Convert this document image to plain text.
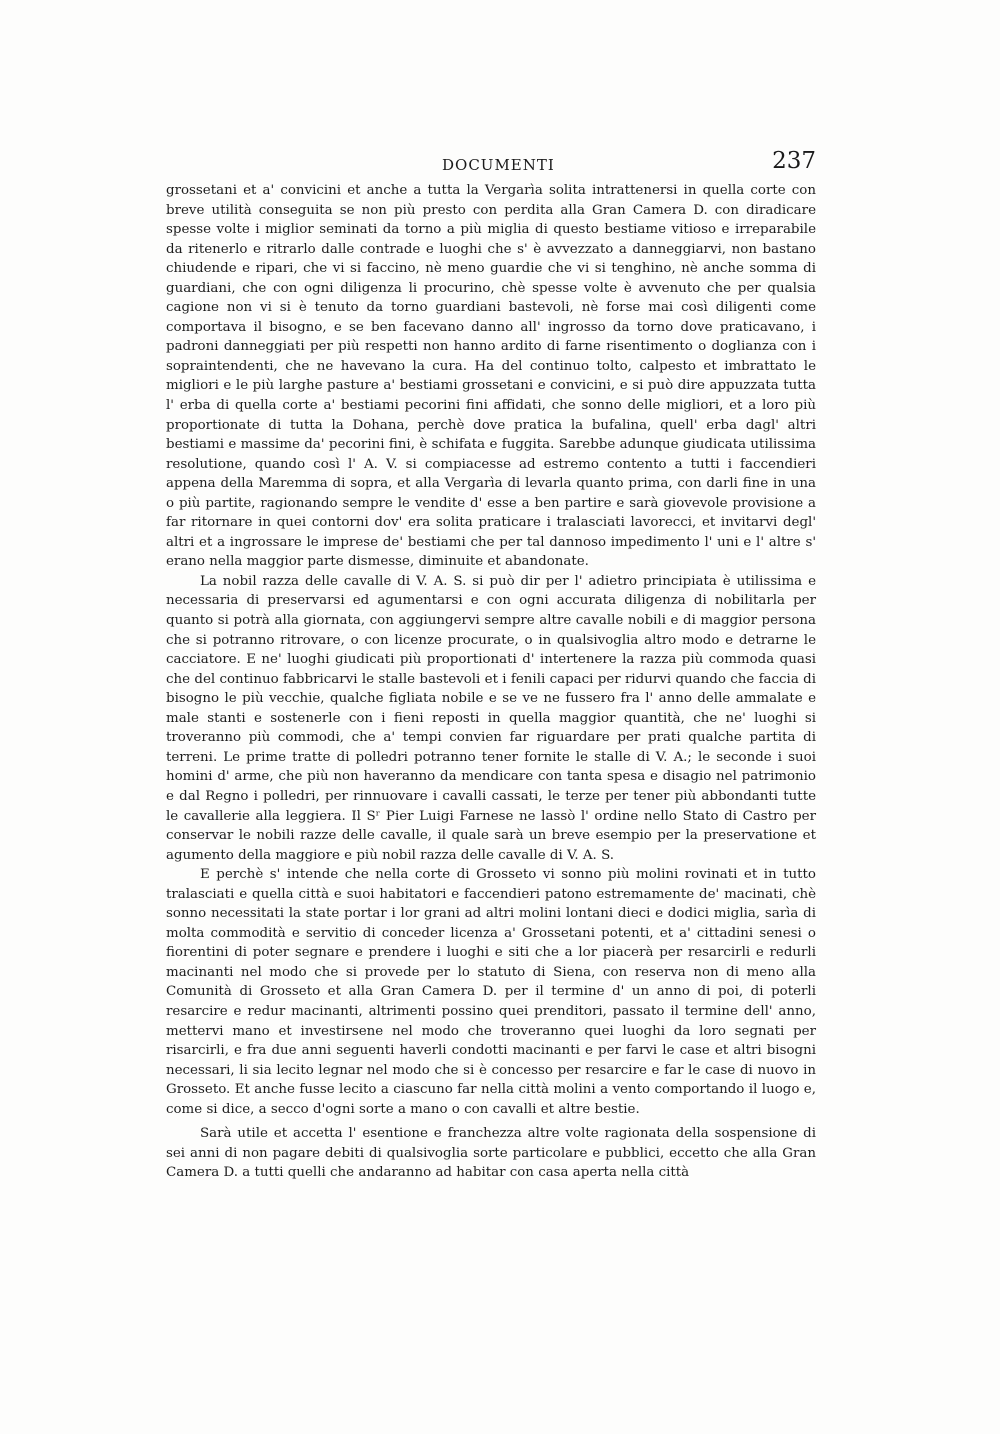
DOCUMENTI	237

grossetani et a' convicini et anche a tutta la Vergarìa solita intrattenersi in quella corte con breve utilità conseguita se non più presto con perdita alla Gran Camera D. con diradicare spesse volte i miglior seminati da torno a più miglia di questo bestiame vitioso e irreparabile da ritenerlo e ritrarlo dalle contrade e luoghi che s' è avvezzato a danneggiarvi, non bastano chiudende e ripari, che vi si faccino, nè meno guardie che vi si tenghino, nè anche somma di guardiani, che con ogni diligenza li procurino, chè spesse volte è avvenuto che per qualsia cagione non vi si è tenuto da torno guardiani bastevoli, nè forse mai così diligenti come comportava il bisogno, e se ben facevano danno all' ingrosso da torno dove praticavano, i padroni danneggiati per più respetti non hanno ardito di farne risentimento o doglianza con i sopraintendenti, che ne havevano la cura. Ha del continuo tolto, calpesto et imbrattato le migliori e le più larghe pasture a' bestiami grossetani e convicini, e si può dire appuzzata tutta l' erba di quella corte a' bestiami pecorini fini affidati, che sonno delle migliori, et a loro più proportionate di tutta la Dohana, perchè dove pratica la bufalina, quell' erba dagl' altri bestiami e massime da' pecorini fini, è schifata e fuggita. Sarebbe adunque giudicata utilissima resolutione, quando così l' A. V. si compiacesse ad estremo contento a tutti i faccendieri appena della Maremma di sopra, et alla Vergarìa di levarla quanto prima, con darli fine in una o più partite, ragionando sempre le vendite d' esse a ben partire e sarà giovevole provisione a far ritornare in quei contorni dov' era solita praticare i tralasciati lavorecci, et invitarvi degl' altri et a ingrossare le imprese de' bestiami che per tal dannoso impedimento l' uni e l' altre s' erano nella maggior parte dismesse, diminuite et abandonate.

La nobil razza delle cavalle di V. A. S. si può dir per l' adietro principiata è utilissima e necessaria di preservarsi ed agumentarsi e con ogni accurata diligenza di nobilitarla per quanto si potrà alla giornata, con aggiungervi sempre altre cavalle nobili e di maggior persona che si potranno ritrovare, o con licenze procurate, o in qualsivoglia altro modo e detrarne le cacciatore. E ne' luoghi giudicati più proportionati d' intertenere la razza più commoda quasi che del continuo fabbricarvi le stalle bastevoli et i fenili capaci per ridurvi quando che faccia di bisogno le più vecchie, qualche figliata nobile e se ve ne fussero fra l' anno delle ammalate e male stanti e sostenerle con i fieni reposti in quella maggior quantità, che ne' luoghi si troveranno più commodi, che a' tempi convien far riguardare per prati qualche partita di terreni. Le prime tratte di polledri potranno tener fornite le stalle di V. A.; le seconde i suoi homini d' arme, che più non haveranno da mendicare con tanta spesa e disagio nel patrimonio e dal Regno i polledri, per rinnuovare i cavalli cassati, le terze per tener più abbondanti tutte le cavallerie alla leggiera. Il Sʳ Pier Luigi Farnese ne lassò l' ordine nello Stato di Castro per conservar le nobili razze delle cavalle, il quale sarà un breve esempio per la preservatione et agumento della maggiore e più nobil razza delle cavalle di V. A. S.

E perchè s' intende che nella corte di Grosseto vi sonno più molini rovinati et in tutto tralasciati e quella città e suoi habitatori e faccendieri patono estremamente de' macinati, chè sonno necessitati la state portar i lor grani ad altri molini lontani dieci e dodici miglia, sarìa di molta commodità e servitio di conceder licenza a' Grossetani potenti, et a' cittadini senesi o fiorentini di poter segnare e prendere i luoghi e siti che a lor piacerà per resarcirli e redurli macinanti nel modo che si provede per lo statuto di Siena, con reserva non di meno alla Comunità di Grosseto et alla Gran Camera D. per il termine d' un anno di poi, di poterli resarcire e redur macinanti, altrimenti possino quei prenditori, passato il termine dell' anno, mettervi mano et investirsene nel modo che troveranno quei luoghi da loro segnati per risarcirli, e fra due anni seguenti haverli condotti macinanti e per farvi le case et altri bisogni necessari, li sia lecito legnar nel modo che si è concesso per resarcire e far le case di nuovo in Grosseto. Et anche fusse lecito a ciascuno far nella città molini a vento comportando il luogo e, come si dice, a secco d'ogni sorte a mano o con cavalli et altre bestie.

Sarà utile et accetta l' esentione e franchezza altre volte ragionata della sospensione di sei anni di non pagare debiti di qualsivoglia sorte particolare e pubblici, eccetto che alla Gran Camera D. a tutti quelli che andaranno ad habitar con casa aperta nella città
